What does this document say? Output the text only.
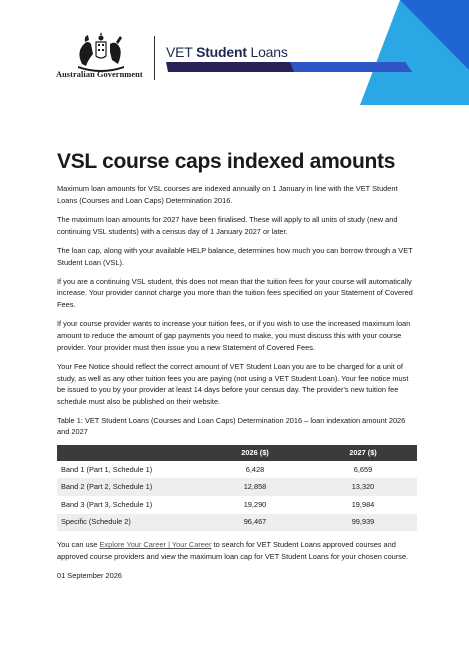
Australian Government
VET Student Loans
VSL course caps indexed amounts

Maximum loan amounts for VSL courses are indexed annually on 1 January in line with the VET Student Loans (Courses and Loan Caps) Determination 2016.

The maximum loan amounts for 2027 have been finalised. These will apply to all units of study (new and continuing VSL students) with a census day of 1 January 2027 or later.

The loan cap, along with your available HELP balance, determines how much you can borrow through a VET Student Loan (VSL).

If you are a continuing VSL student, this does not mean that the tuition fees for your course will automatically increase. Your provider cannot charge you more than the tuition fees specified on your Statement of Covered Fees.

If your course provider wants to increase your tuition fees, or if you wish to use the increased maximum loan amount to reduce the amount of gap payments you need to make, you must discuss this with your course provider. Your provider must then issue you a new Statement of Covered Fees.

Your Fee Notice should reflect the correct amount of VET Student Loan you are to be charged for a unit of study, as well as any other tuition fees you are paying (not using a VET Student Loan). Your fee notice must be issued to you by your provider at least 14 days before your census day. The provider's new tuition fee schedule must also be published on their website.

Table 1: VET Student Loans (Courses and Loan Caps) Determination 2016 – loan indexation amount 2026 and 2027

	2026 ($)	2027 ($)
Band 1 (Part 1, Schedule 1)	6,428	6,659
Band 2 (Part 2, Schedule 1)	12,858	13,320
Band 3 (Part 3, Schedule 1)	19,290	19,984
Specific (Schedule 2)	96,467	99,939

You can use Explore Your Career | Your Career to search for VET Student Loans approved courses and approved course providers and view the maximum loan cap for VET Student Loans for your chosen course.

01 September 2026
